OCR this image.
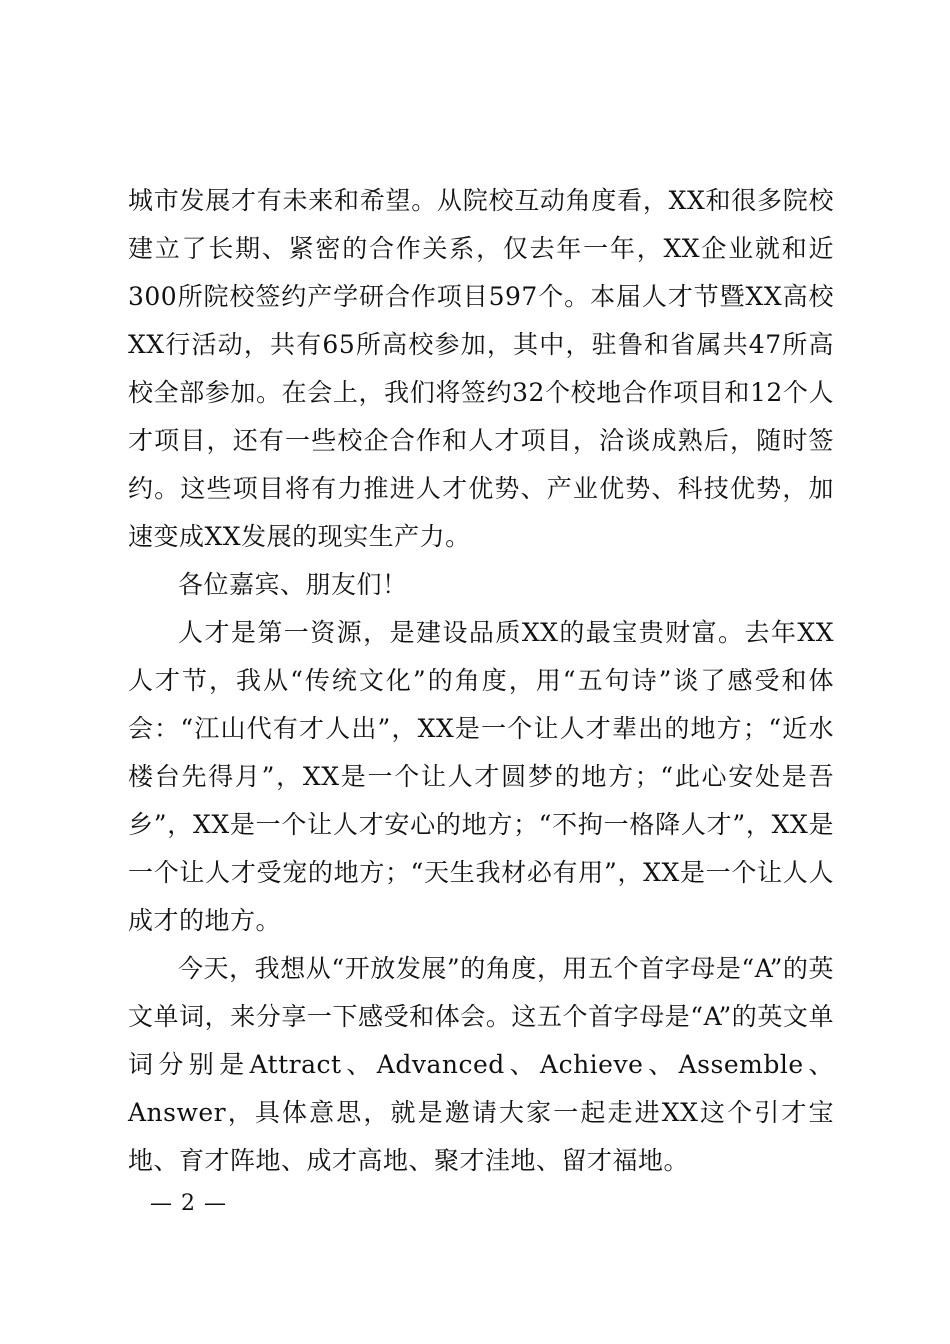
城市发展才有未来和希望。从院校互动角度看，XX和很多院校建立了长期、紧密的合作关系，仅去年一年，XX企业就和近300所院校签约产学研合作项目597个。本届人才节暨XX高校XX行活动，共有65所高校参加，其中，驻鲁和省属共47所高校全部参加。在会上，我们将签约32个校地合作项目和12个人才项目，还有一些校企合作和人才项目，洽谈成熟后，随时签约。这些项目将有力推进人才优势、产业优势、科技优势，加速变成XX发展的现实生产力。

各位嘉宾、朋友们！

人才是第一资源，是建设品质XX的最宝贵财富。去年XX人才节，我从“传统文化”的角度，用“五句诗”谈了感受和体会：“江山代有才人出”，XX是一个让人才辈出的地方；“近水楼台先得月”，XX是一个让人才圆梦的地方；“此心安处是吾乡”，XX是一个让人才安心的地方；“不拘一格降人才”，XX是一个让人才受宠的地方；“天生我材必有用”，XX是一个让人人成才的地方。

今天，我想从“开放发展”的角度，用五个首字母是“A”的英文单词，来分享一下感受和体会。这五个首字母是“A”的英文单词分别是Attract、Advanced、Achieve、Assemble、Answer，具体意思，就是邀请大家一起走进XX这个引才宝地、育才阵地、成才高地、聚才洼地、留才福地。

— 2 —
